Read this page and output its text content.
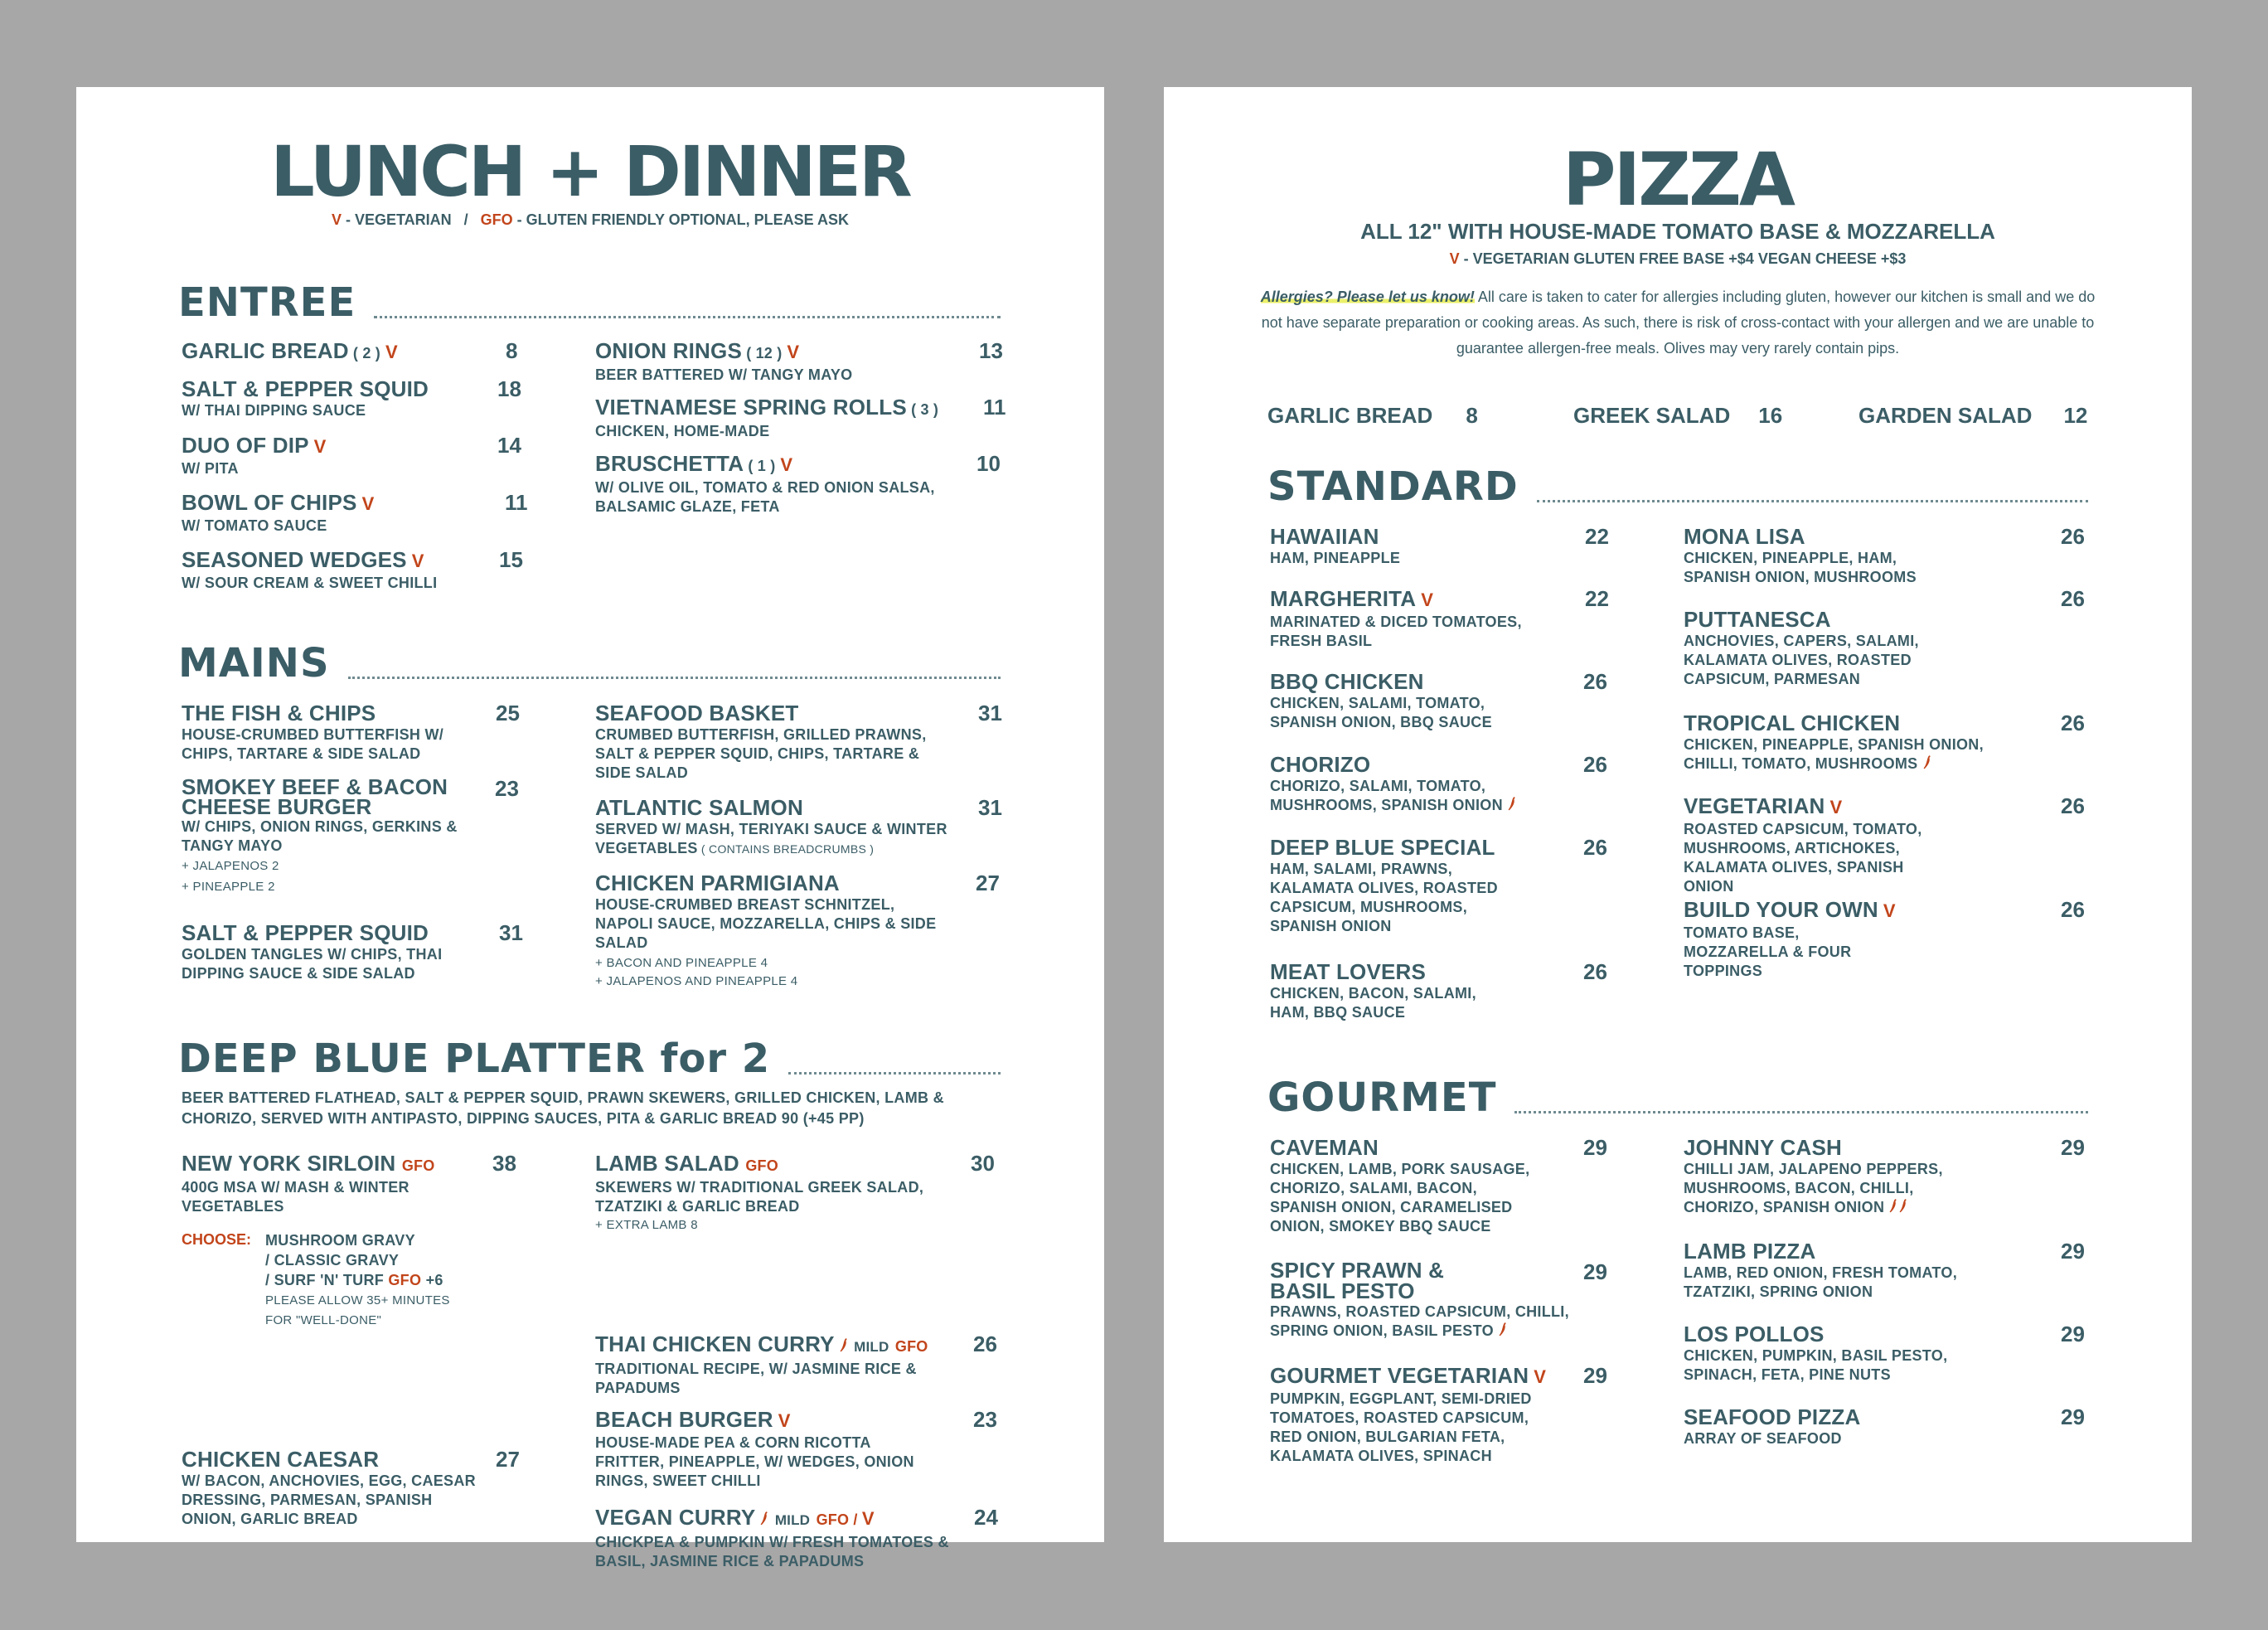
LUNCH + DINNER
V - VEGETARIAN   /   GFO - GLUTEN FRIENDLY OPTIONAL, PLEASE ASK
ENTREE
GARLIC BREAD ( 2 ) V	8
SALT & PEPPER SQUID
W/ THAI DIPPING SAUCE
18
DUO OF DIP V
W/ PITA
14
BOWL OF CHIPS V
W/ TOMATO SAUCE
11
SEASONED WEDGES V
W/ SOUR CREAM & SWEET CHILLI
15
ONION RINGS ( 12 ) V
BEER BATTERED W/ TANGY MAYO
13
VIETNAMESE SPRING ROLLS ( 3 )
CHICKEN, HOME-MADE
11
BRUSCHETTA ( 1 ) V
W/ OLIVE OIL, TOMATO & RED ONION SALSA, BALSAMIC GLAZE, FETA
10
MAINS
THE FISH & CHIPS
HOUSE-CRUMBED BUTTERFISH W/ CHIPS, TARTARE & SIDE SALAD
25
SMOKEY BEEF & BACON CHEESE BURGER
W/ CHIPS, ONION RINGS, GERKINS & TANGY MAYO
+ JALAPENOS 2
+ PINEAPPLE 2
23
SALT & PEPPER SQUID
GOLDEN TANGLES W/ CHIPS, THAI DIPPING SAUCE & SIDE SALAD
31
SEAFOOD BASKET
CRUMBED BUTTERFISH, GRILLED PRAWNS, SALT & PEPPER SQUID, CHIPS, TARTARE & SIDE SALAD
31
ATLANTIC SALMON
SERVED W/ MASH, TERIYAKI SAUCE & WINTER VEGETABLES ( CONTAINS BREADCRUMBS )
31
CHICKEN PARMIGIANA
HOUSE-CRUMBED BREAST SCHNITZEL, NAPOLI SAUCE, MOZZARELLA, CHIPS & SIDE SALAD
+ BACON AND PINEAPPLE 4
+ JALAPENOS AND PINEAPPLE 4
27
DEEP BLUE PLATTER for 2
BEER BATTERED FLATHEAD, SALT & PEPPER SQUID, PRAWN SKEWERS, GRILLED CHICKEN, LAMB & CHORIZO, SERVED WITH ANTIPASTO, DIPPING SAUCES, PITA & GARLIC BREAD 90 (+45 PP)
NEW YORK SIRLOIN GFO
400G MSA W/ MASH & WINTER VEGETABLES
38
CHOOSE: MUSHROOM GRAVY
/ CLASSIC GRAVY
/ SURF 'N' TURF GFO +6
PLEASE ALLOW 35+ MINUTES
FOR "WELL-DONE"
CHICKEN CAESAR
W/ BACON, ANCHOVIES, EGG, CAESAR DRESSING, PARMESAN, SPANISH ONION, GARLIC BREAD
27
LAMB SALAD GFO
SKEWERS W/ TRADITIONAL GREEK SALAD, TZATZIKI & GARLIC BREAD
+ EXTRA LAMB 8
30
THAI CHICKEN CURRY MILD GFO
TRADITIONAL RECIPE, W/ JASMINE RICE & PAPADUMS
26
BEACH BURGER V
HOUSE-MADE PEA & CORN RICOTTA FRITTER, PINEAPPLE, W/ WEDGES, ONION RINGS, SWEET CHILLI
23
VEGAN CURRY MILD GFO / V
CHICKPEA & PUMPKIN W/ FRESH TOMATOES & BASIL, JASMINE RICE & PAPADUMS
24
PIZZA
ALL 12" WITH HOUSE-MADE TOMATO BASE & MOZZARELLA
V - VEGETARIAN GLUTEN FREE BASE +$4 VEGAN CHEESE +$3
Allergies? Please let us know! All care is taken to cater for allergies including gluten, however our kitchen is small and we do not have separate preparation or cooking areas. As such, there is risk of cross-contact with your allergen and we are unable to guarantee allergen-free meals. Olives may very rarely contain pips.
GARLIC BREAD 8	GREEK SALAD 16	GARDEN SALAD 12
STANDARD
HAWAIIAN
HAM, PINEAPPLE
22
MARGHERITA V
MARINATED & DICED TOMATOES, FRESH BASIL
22
BBQ CHICKEN
CHICKEN, SALAMI, TOMATO, SPANISH ONION, BBQ SAUCE
26
CHORIZO
CHORIZO, SALAMI, TOMATO, MUSHROOMS, SPANISH ONION
26
DEEP BLUE SPECIAL
HAM, SALAMI, PRAWNS, KALAMATA OLIVES, ROASTED CAPSICUM, MUSHROOMS, SPANISH ONION
26
MEAT LOVERS
CHICKEN, BACON, SALAMI, HAM, BBQ SAUCE
26
MONA LISA
CHICKEN, PINEAPPLE, HAM, SPANISH ONION, MUSHROOMS
26
PUTTANESCA
ANCHOVIES, CAPERS, SALAMI, KALAMATA OLIVES, ROASTED CAPSICUM, PARMESAN
26
TROPICAL CHICKEN
CHICKEN, PINEAPPLE, SPANISH ONION, CHILLI, TOMATO, MUSHROOMS
26
VEGETARIAN V
ROASTED CAPSICUM, TOMATO, MUSHROOMS, ARTICHOKES, KALAMATA OLIVES, SPANISH ONION
26
BUILD YOUR OWN V
TOMATO BASE, MOZZARELLA & FOUR TOPPINGS
26
GOURMET
CAVEMAN
CHICKEN, LAMB, PORK SAUSAGE, CHORIZO, SALAMI, BACON, SPANISH ONION, CARAMELISED ONION, SMOKEY BBQ SAUCE
29
SPICY PRAWN & BASIL PESTO
PRAWNS, ROASTED CAPSICUM, CHILLI, SPRING ONION, BASIL PESTO
29
GOURMET VEGETARIAN V
PUMPKIN, EGGPLANT, SEMI-DRIED TOMATOES, ROASTED CAPSICUM, RED ONION, BULGARIAN FETA, KALAMATA OLIVES, SPINACH
29
JOHNNY CASH
CHILLI JAM, JALAPENO PEPPERS, MUSHROOMS, BACON, CHILLI, CHORIZO, SPANISH ONION
29
LAMB PIZZA
LAMB, RED ONION, FRESH TOMATO, TZATZIKI, SPRING ONION
29
LOS POLLOS
CHICKEN, PUMPKIN, BASIL PESTO, SPINACH, FETA, PINE NUTS
29
SEAFOOD PIZZA
ARRAY OF SEAFOOD
29
